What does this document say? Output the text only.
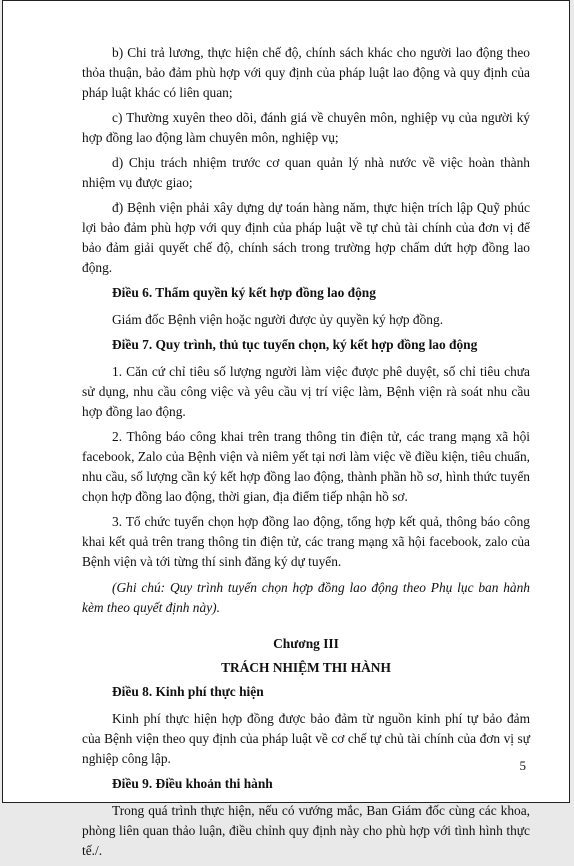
b) Chi trả lương, thực hiện chế độ, chính sách khác cho người lao động theo thỏa thuận, bảo đảm phù hợp với quy định của pháp luật lao động và quy định của pháp luật khác có liên quan;

c) Thường xuyên theo dõi, đánh giá về chuyên môn, nghiệp vụ của người ký hợp đồng lao động làm chuyên môn, nghiệp vụ;

d) Chịu trách nhiệm trước cơ quan quản lý nhà nước về việc hoàn thành nhiệm vụ được giao;

đ) Bệnh viện phải xây dựng dự toán hàng năm, thực hiện trích lập Quỹ phúc lợi bảo đảm phù hợp với quy định của pháp luật về tự chủ tài chính của đơn vị để bảo đảm giải quyết chế độ, chính sách trong trường hợp chấm dứt hợp đồng lao động.

Điều 6. Thẩm quyền ký kết hợp đồng lao động

Giám đốc Bệnh viện hoặc người được ủy quyền ký hợp đồng.

Điều 7. Quy trình, thủ tục tuyển chọn, ký kết hợp đồng lao động

1. Căn cứ chỉ tiêu số lượng người làm việc được phê duyệt, số chỉ tiêu chưa sử dụng, nhu cầu công việc và yêu cầu vị trí việc làm, Bệnh viện rà soát nhu cầu hợp đồng lao động.

2. Thông báo công khai trên trang thông tin điện tử, các trang mạng xã hội facebook, Zalo của Bệnh viện và niêm yết tại nơi làm việc về điều kiện, tiêu chuẩn, nhu cầu, số lượng cần ký kết hợp đồng lao động, thành phần hồ sơ, hình thức tuyển chọn hợp đồng lao động, thời gian, địa điểm tiếp nhận hồ sơ.

3. Tổ chức tuyển chọn hợp đồng lao động, tổng hợp kết quả, thông báo công khai kết quả trên trang thông tin điện tử, các trang mạng xã hội facebook, zalo của Bệnh viện và tới từng thí sinh đăng ký dự tuyển.

(Ghi chú: Quy trình tuyển chọn hợp đồng lao động theo Phụ lục ban hành kèm theo quyết định này).

Chương III

TRÁCH NHIỆM THI HÀNH

Điều 8. Kinh phí thực hiện

Kinh phí thực hiện hợp đồng được bảo đảm từ nguồn kinh phí tự bảo đảm của Bệnh viện theo quy định của pháp luật về cơ chế tự chủ tài chính của đơn vị sự nghiệp công lập.

Điều 9. Điều khoản thi hành

Trong quá trình thực hiện, nếu có vướng mắc, Ban Giám đốc cùng các khoa, phòng liên quan thảo luận, điều chỉnh quy định này cho phù hợp với tình hình thực tế./.

5
